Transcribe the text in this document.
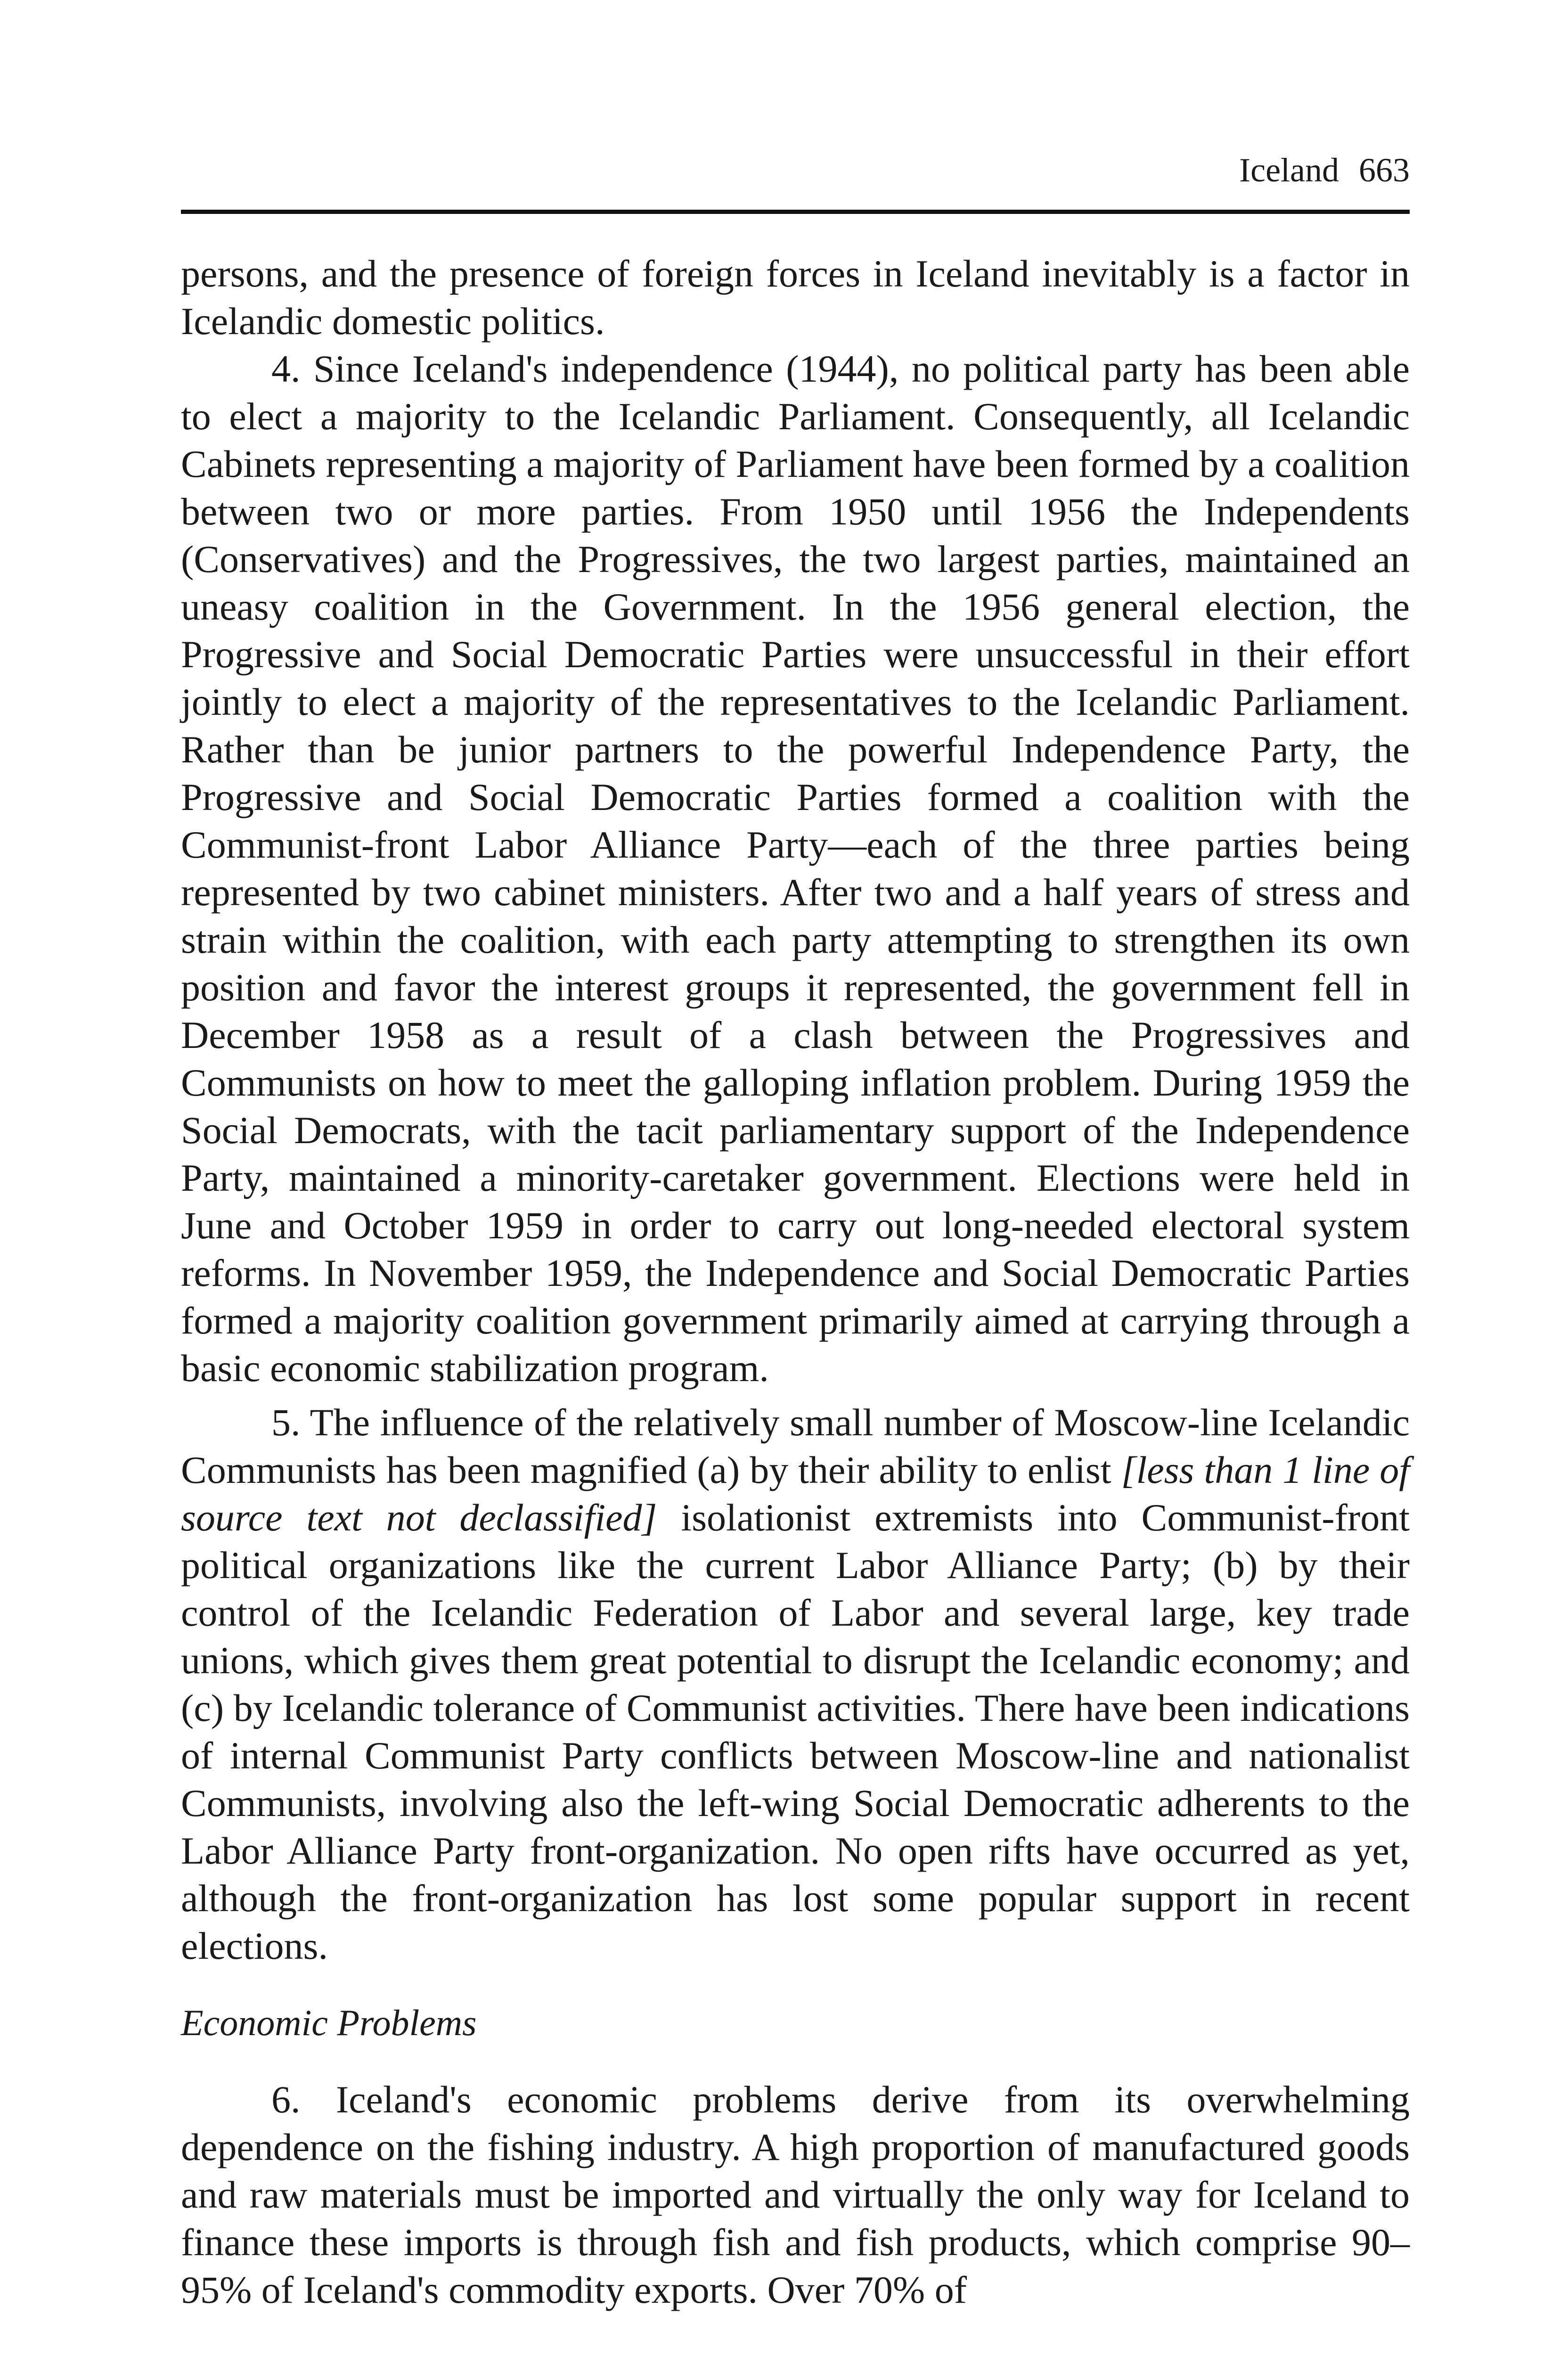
Iceland 663

persons, and the presence of foreign forces in Iceland inevitably is a factor in Icelandic domestic politics.

4. Since Iceland's independence (1944), no political party has been able to elect a majority to the Icelandic Parliament. Consequently, all Icelandic Cabinets representing a majority of Parliament have been formed by a coalition between two or more parties. From 1950 until 1956 the Independents (Conservatives) and the Progressives, the two largest parties, maintained an uneasy coalition in the Government. In the 1956 general election, the Progressive and Social Democratic Parties were unsuccessful in their effort jointly to elect a majority of the representatives to the Icelandic Parliament. Rather than be junior partners to the powerful Independence Party, the Progressive and Social Democratic Parties formed a coalition with the Communist-front Labor Alliance Party—each of the three parties being represented by two cabinet ministers. After two and a half years of stress and strain within the coalition, with each party attempting to strengthen its own position and favor the interest groups it represented, the government fell in December 1958 as a result of a clash between the Progressives and Communists on how to meet the galloping inflation problem. During 1959 the Social Democrats, with the tacit parliamentary support of the Independence Party, maintained a minority-caretaker government. Elections were held in June and October 1959 in order to carry out long-needed electoral system reforms. In November 1959, the Independence and Social Democratic Parties formed a majority coalition government primarily aimed at carrying through a basic economic stabilization program.

5. The influence of the relatively small number of Moscow-line Icelandic Communists has been magnified (a) by their ability to enlist [less than 1 line of source text not declassified] isolationist extremists into Communist-front political organizations like the current Labor Alliance Party; (b) by their control of the Icelandic Federation of Labor and several large, key trade unions, which gives them great potential to disrupt the Icelandic economy; and (c) by Icelandic tolerance of Communist activities. There have been indications of internal Communist Party conflicts between Moscow-line and nationalist Communists, involving also the left-wing Social Democratic adherents to the Labor Alliance Party front-organization. No open rifts have occurred as yet, although the front-organization has lost some popular support in recent elections.

Economic Problems

6. Iceland's economic problems derive from its overwhelming dependence on the fishing industry. A high proportion of manufactured goods and raw materials must be imported and virtually the only way for Iceland to finance these imports is through fish and fish products, which comprise 90–95% of Iceland's commodity exports. Over 70% of
